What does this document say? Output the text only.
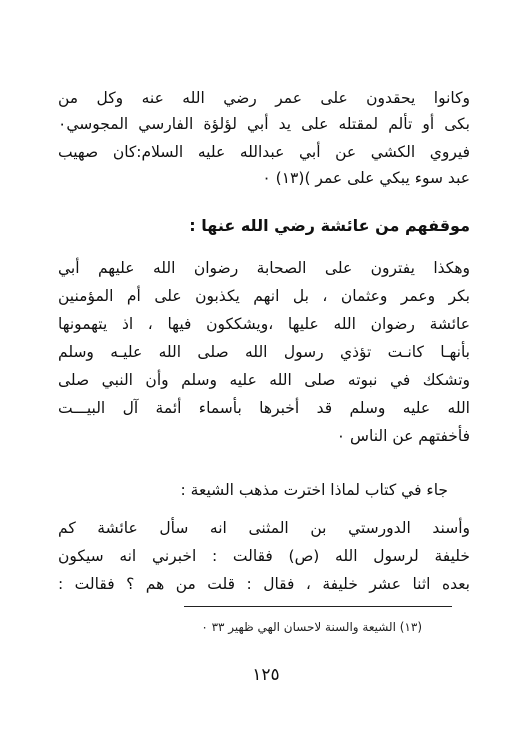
وكانوا يحقدون على عمر رضي الله عنه وكل من
بكى أو تألم لمقتله على يد أبي لؤلؤة الفارسي المجوسي٠
فيروي الكشي عن أبي عبدالله عليه السلام:كان صهيب
عبد سوء يبكي على عمر )(١٣) ٠
موقفهم من عائشة رضي الله عنها :
وهكذا يفترون على الصحابة رضوان الله عليهم أبي
بكر وعمر وعثمان ، بل انهم يكذبون على أم المؤمنين
عائشة رضوان الله عليها ،ويشككون فيها ، اذ يتهمونها
بأنهـا كانـت تؤذي رسول الله صلى الله عليـه وسلم
وتشكك في نبوته صلى الله عليه وسلم وأن النبي صلى
الله عليه وسلم قد أخبرها بأسماء أئمة آل البيـــت
فأخفتهم عن الناس ٠
جاء في كتاب لماذا اخترت مذهب الشيعة :
وأسند الدورستي بن المثنى انه سأل عائشة كم
خليفة لرسول الله (ص) فقالت : اخبرني انه سيكون
بعده اثنا عشر خليفة ، فقال : قلت من هم ؟ فقالت :
(١٣) الشيعة والسنة لاحسان الهي ظهير ٣٣ ٠
١٢٥
